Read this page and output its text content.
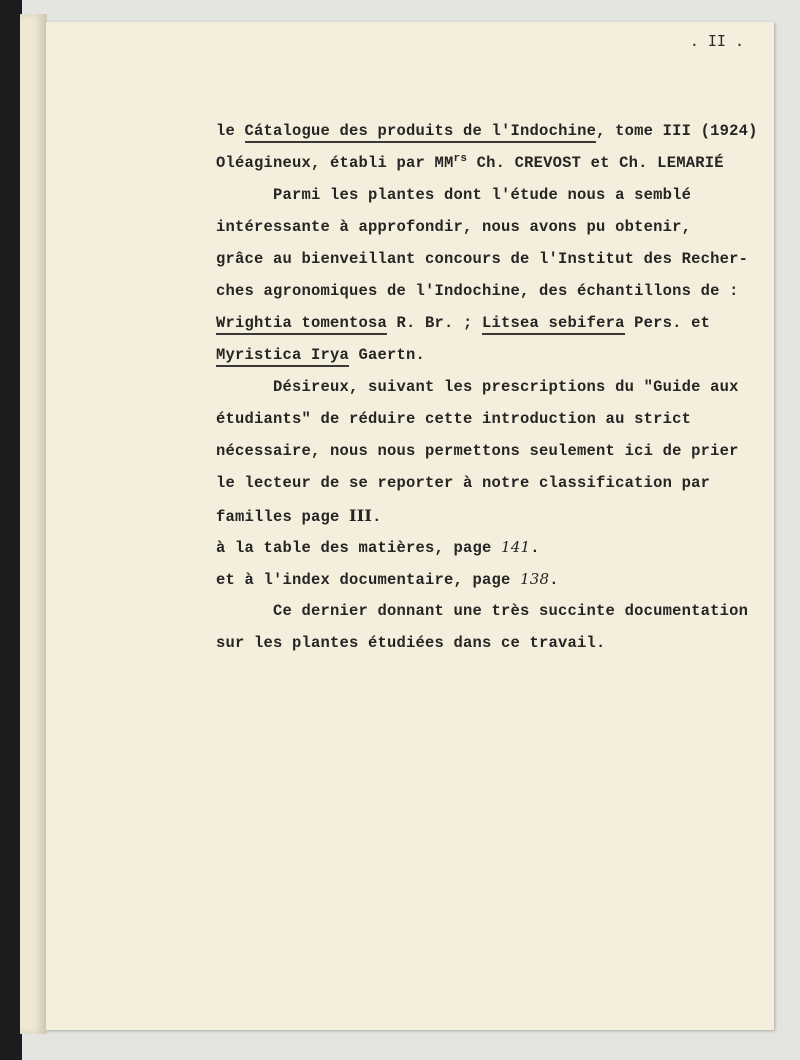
. II .
le Cátalogue des produits de l'Indochine, tome III (1924)
Oléagineux, établi par $MM^{rs}$ Ch. CREVOST et Ch. LEMARIÉ
Parmi les plantes dont l'étude nous a semblé
intéressante à approfondir, nous avons pu obtenir,
grâce au bienveillant concours de l'Institut des Recher-
ches agronomiques de l'Indochine, des échantillons de :
Wrightia tomentosa R. Br. ; Litsea sebifera Pers. et
Myristica Irya Gaertn.
Désireux, suivant les prescriptions du "Guide aux
étudiants" de réduire cette introduction au strict
nécessaire, nous nous permettons seulement ici de prier
le lecteur de se reporter à notre classification par
familles page III.
à la table des matières, page 141.
et à l'index documentaire, page 138.
Ce dernier donnant une très succinte documentation
sur les plantes étudiées dans ce travail.
